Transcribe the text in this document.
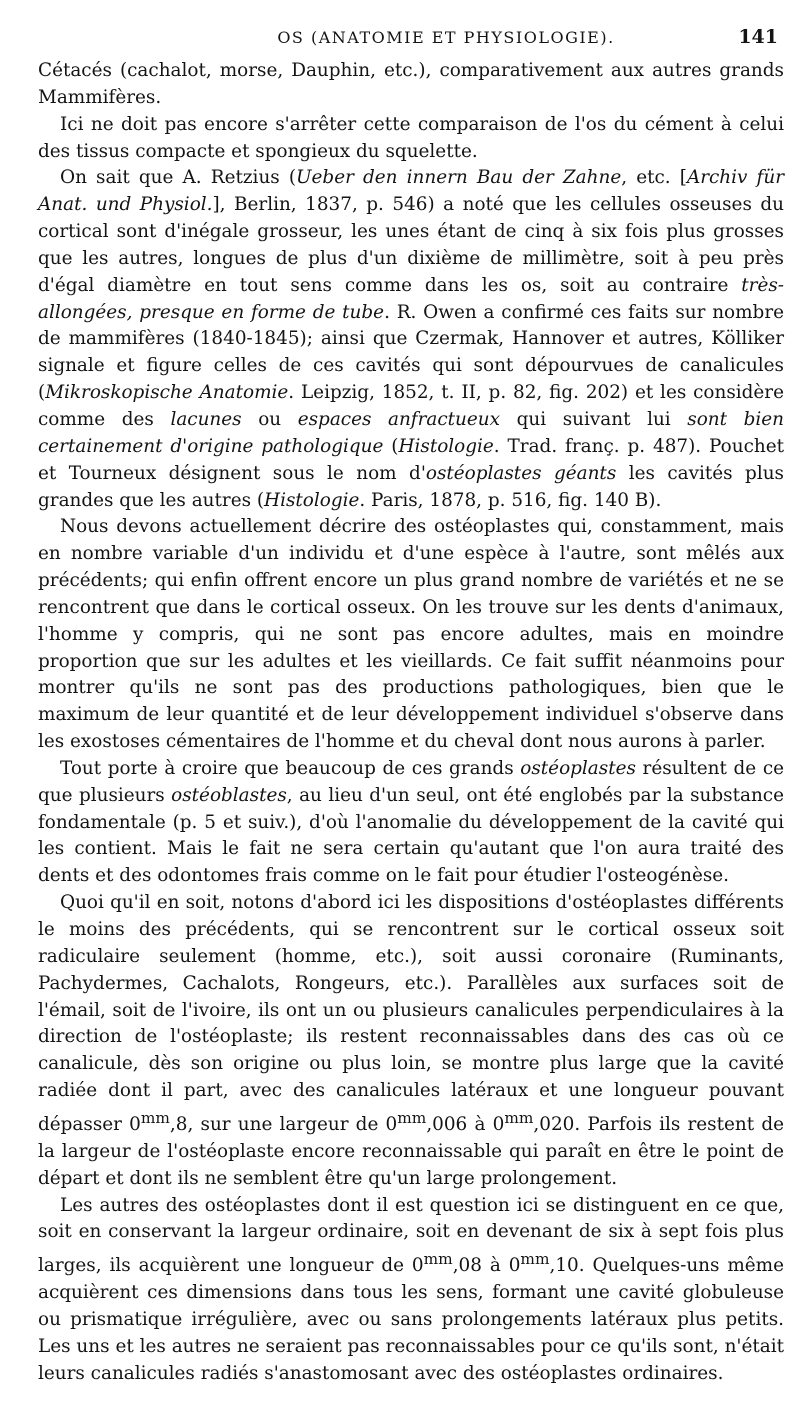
OS (ANATOMIE ET PHYSIOLOGIE).	141

Cétacés (cachalot, morse, Dauphin, etc.), comparativement aux autres grands Mammifères.

Ici ne doit pas encore s'arrêter cette comparaison de l'os du cément à celui des tissus compacte et spongieux du squelette.

On sait que A. Retzius (Ueber den innern Bau der Zahne, etc. [Archiv für Anat. und Physiol.], Berlin, 1837, p. 546) a noté que les cellules osseuses du cortical sont d'inégale grosseur, les unes étant de cinq à six fois plus grosses que les autres, longues de plus d'un dixième de millimètre, soit à peu près d'égal diamètre en tout sens comme dans les os, soit au contraire très-allongées, presque en forme de tube. R. Owen a confirmé ces faits sur nombre de mammifères (1840-1845); ainsi que Czermak, Hannover et autres, Kölliker signale et figure celles de ces cavités qui sont dépourvues de canalicules (Mikroskopische Anatomie. Leipzig, 1852, t. II, p. 82, fig. 202) et les considère comme des lacunes ou espaces anfractueux qui suivant lui sont bien certainement d'origine pathologique (Histologie. Trad. franç. p. 487). Pouchet et Tourneux désignent sous le nom d'ostéoplastes géants les cavités plus grandes que les autres (Histologie. Paris, 1878, p. 516, fig. 140 B).

Nous devons actuellement décrire des ostéoplastes qui, constamment, mais en nombre variable d'un individu et d'une espèce à l'autre, sont mêlés aux précédents; qui enfin offrent encore un plus grand nombre de variétés et ne se rencontrent que dans le cortical osseux. On les trouve sur les dents d'animaux, l'homme y compris, qui ne sont pas encore adultes, mais en moindre proportion que sur les adultes et les vieillards. Ce fait suffit néanmoins pour montrer qu'ils ne sont pas des productions pathologiques, bien que le maximum de leur quantité et de leur développement individuel s'observe dans les exostoses cémentaires de l'homme et du cheval dont nous aurons à parler.

Tout porte à croire que beaucoup de ces grands ostéoplastes résultent de ce que plusieurs ostéoblastes, au lieu d'un seul, ont été englobés par la substance fondamentale (p. 5 et suiv.), d'où l'anomalie du développement de la cavité qui les contient. Mais le fait ne sera certain qu'autant que l'on aura traité des dents et des odontomes frais comme on le fait pour étudier l'osteogénèse.

Quoi qu'il en soit, notons d'abord ici les dispositions d'ostéoplastes différents le moins des précédents, qui se rencontrent sur le cortical osseux soit radiculaire seulement (homme, etc.), soit aussi coronaire (Ruminants, Pachydermes, Cachalots, Rongeurs, etc.). Parallèles aux surfaces soit de l'émail, soit de l'ivoire, ils ont un ou plusieurs canalicules perpendiculaires à la direction de l'ostéoplaste; ils restent reconnaissables dans des cas où ce canalicule, dès son origine ou plus loin, se montre plus large que la cavité radiée dont il part, avec des canalicules latéraux et une longueur pouvant dépasser $0^{mm},8$, sur une largeur de $0^{mm},006$ à $0^{mm},020$. Parfois ils restent de la largeur de l'ostéoplaste encore reconnaissable qui paraît en être le point de départ et dont ils ne semblent être qu'un large prolongement.

Les autres des ostéoplastes dont il est question ici se distinguent en ce que, soit en conservant la largeur ordinaire, soit en devenant de six à sept fois plus larges, ils acquièrent une longueur de $0^{mm},08$ à $0^{mm},10$. Quelques-uns même acquièrent ces dimensions dans tous les sens, formant une cavité globuleuse ou prismatique irrégulière, avec ou sans prolongements latéraux plus petits. Les uns et les autres ne seraient pas reconnaissables pour ce qu'ils sont, n'était leurs canalicules radiés s'anastomosant avec des ostéoplastes ordinaires.
